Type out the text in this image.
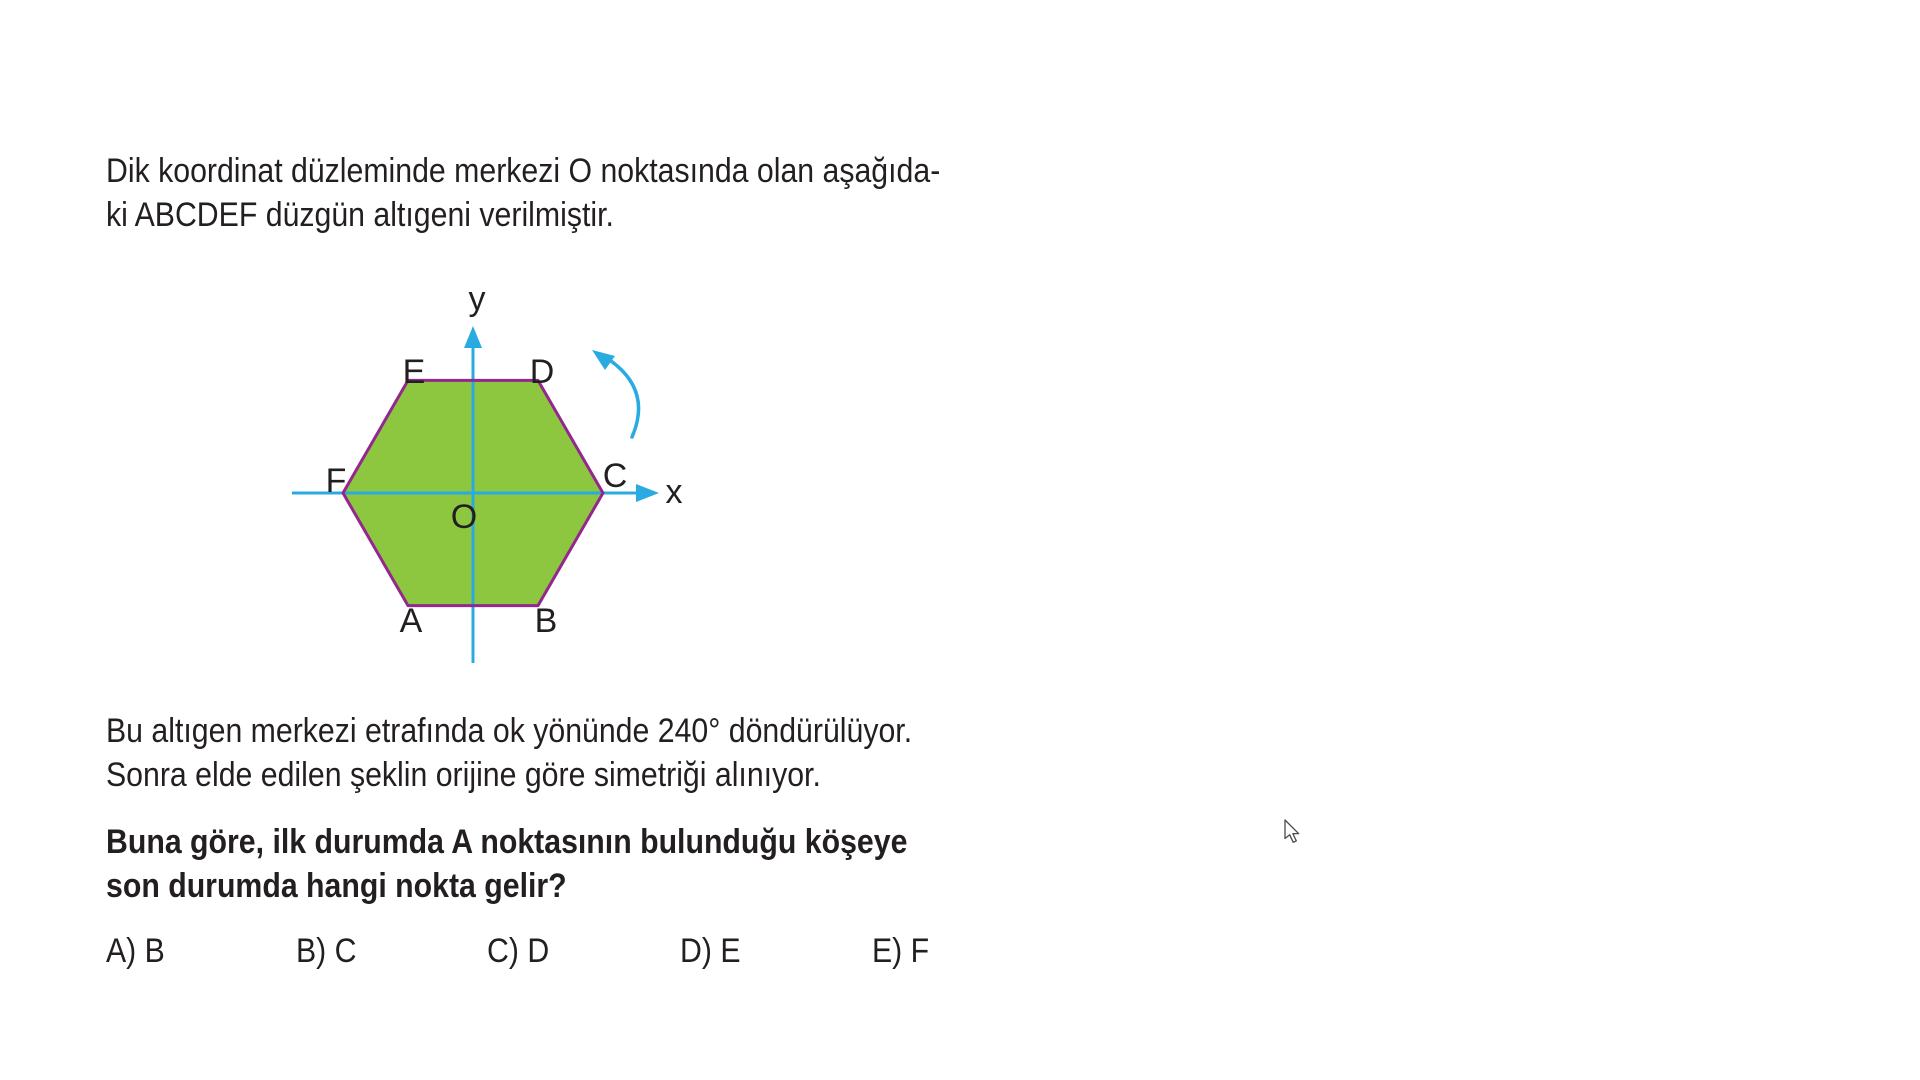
Dik koordinat düzleminde merkezi O noktasında olan aşağıda-
ki ABCDEF düzgün altıgeni verilmiştir.
y
x
O
E	D
F	C
A	B
Bu altıgen merkezi etrafında ok yönünde 240° döndürülüyor.
Sonra elde edilen şeklin orijine göre simetriği alınıyor.
Buna göre, ilk durumda A noktasının bulunduğu köşeye
son durumda hangi nokta gelir?
A) B	B) C	C) D	D) E	E) F
